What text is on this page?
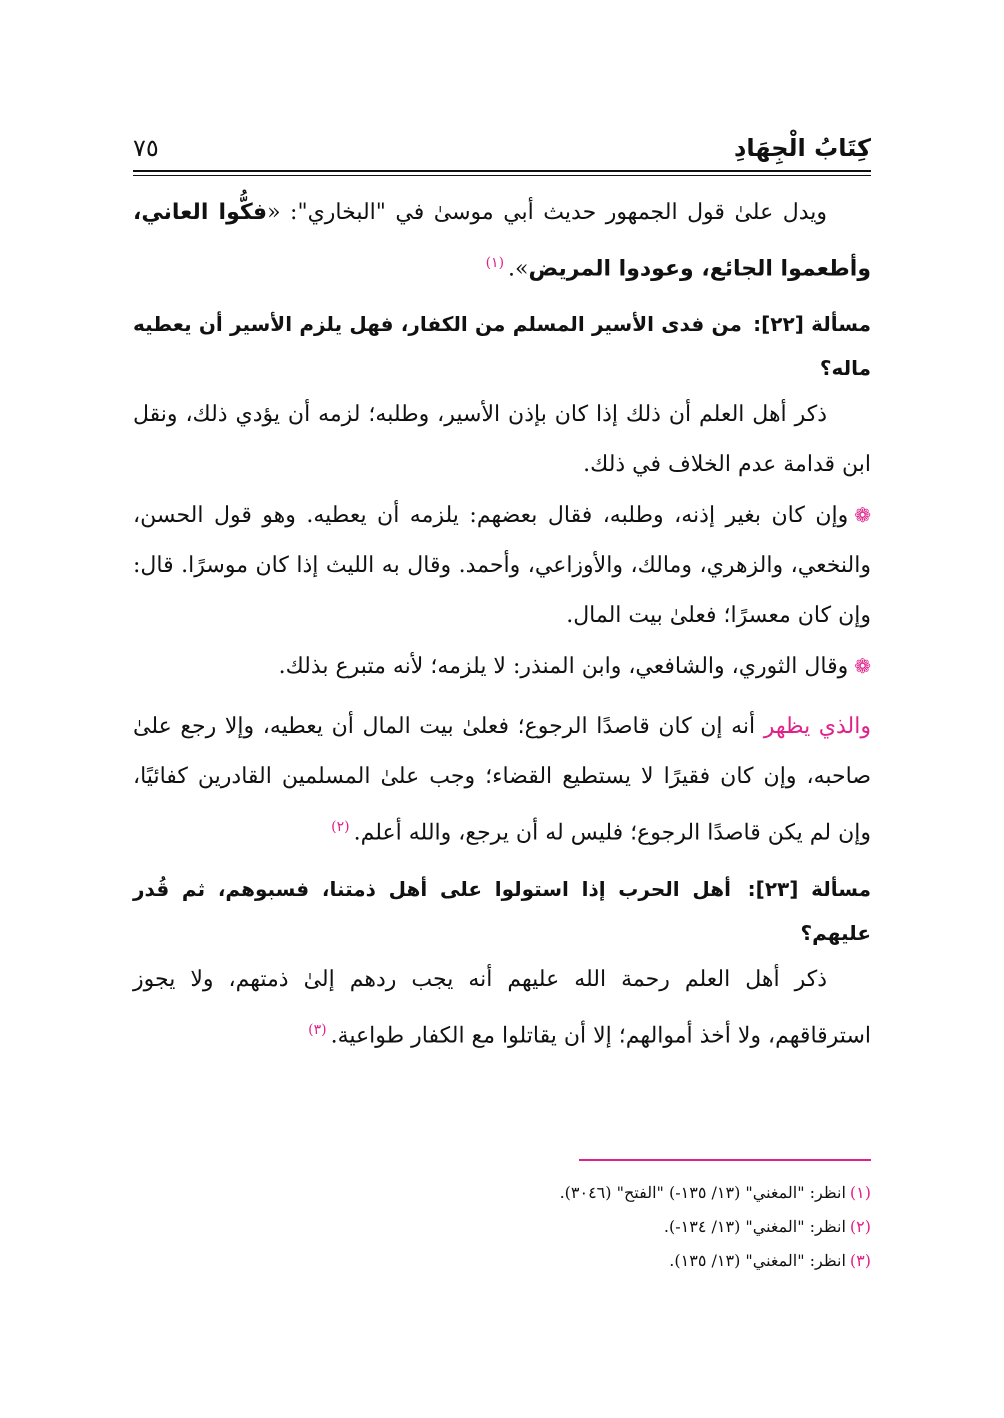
كِتَابُ الْجِهَادِ
٧٥

ويدل علىٰ قول الجمهور حديث أبي موسىٰ في "البخاري": «فكُّوا العاني، وأطعموا الجائع، وعودوا المريض».$^{(١)}$

مسألة [٢٢]: من فدى الأسير المسلم من الكفار، فهل يلزم الأسير أن يعطيه ماله؟

ذكر أهل العلم أن ذلك إذا كان بإذن الأسير، وطلبه؛ لزمه أن يؤدي ذلك، ونقل ابن قدامة عدم الخلاف في ذلك.

❁وإن كان بغير إذنه، وطلبه، فقال بعضهم: يلزمه أن يعطيه. وهو قول الحسن، والنخعي، والزهري، ومالك، والأوزاعي، وأحمد. وقال به الليث إذا كان موسرًا. قال: وإن كان معسرًا؛ فعلىٰ بيت المال.

❁وقال الثوري، والشافعي، وابن المنذر: لا يلزمه؛ لأنه متبرع بذلك.

والذي يظهر أنه إن كان قاصدًا الرجوع؛ فعلىٰ بيت المال أن يعطيه، وإلا رجع علىٰ صاحبه، وإن كان فقيرًا لا يستطيع القضاء؛ وجب علىٰ المسلمين القادرين كفائيًا، وإن لم يكن قاصدًا الرجوع؛ فليس له أن يرجع، والله أعلم.$^{(٢)}$

مسألة [٢٣]: أهل الحرب إذا استولوا على أهل ذمتنا، فسبوهم، ثم قُدر عليهم؟

ذكر أهل العلم رحمة الله عليهم أنه يجب ردهم إلىٰ ذمتهم، ولا يجوز استرقاقهم، ولا أخذ أموالهم؛ إلا أن يقاتلوا مع الكفار طواعية.$^{(٣)}$

(١)
انظر: "المغني" (١٣/ ١٣٥-) "الفتح" (٣٠٤٦).
(٢)
انظر: "المغني" (١٣/ ١٣٤-).
(٣)
انظر: "المغني" (١٣/ ١٣٥).
